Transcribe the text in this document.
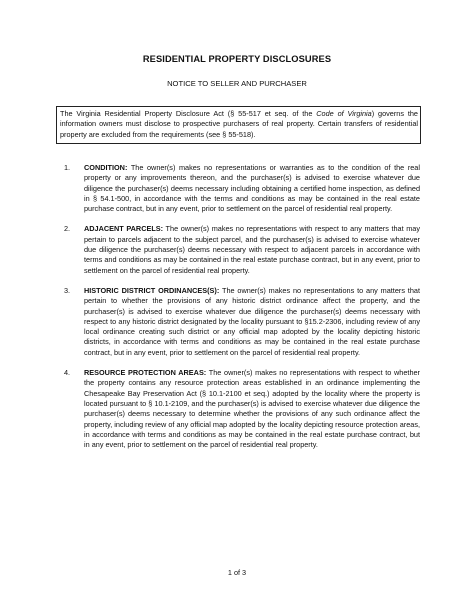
RESIDENTIAL PROPERTY DISCLOSURES
NOTICE TO SELLER AND PURCHASER

The Virginia Residential Property Disclosure Act (§ 55-517 et seq. of the Code of Virginia) governs the information owners must disclose to prospective purchasers of real property. Certain transfers of residential property are excluded from the requirements (see § 55-518).

1.	CONDITION: The owner(s) makes no representations or warranties as to the condition of the real property or any improvements thereon, and the purchaser(s) is advised to exercise whatever due diligence the purchaser(s) deems necessary including obtaining a certified home inspection, as defined in § 54.1-500, in accordance with the terms and conditions as may be contained in the real estate purchase contract, but in any event, prior to settlement on the parcel of residential real property.
2.	ADJACENT PARCELS: The owner(s) makes no representations with respect to any matters that may pertain to parcels adjacent to the subject parcel, and the purchaser(s) is advised to exercise whatever due diligence the purchaser(s) deems necessary with respect to adjacent parcels in accordance with terms and conditions as may be contained in the real estate purchase contract, but in any event, prior to settlement on the parcel of residential real property.
3.	HISTORIC DISTRICT ORDINANCES(S): The owner(s) makes no representations to any matters that pertain to whether the provisions of any historic district ordinance affect the property, and the purchaser(s) is advised to exercise whatever due diligence the purchaser(s) deems necessary with respect to any historic district designated by the locality pursuant to §15.2-2306, including review of any local ordinance creating such district or any official map adopted by the locality depicting historic districts, in accordance with terms and conditions as may be contained in the real estate purchase contract, but in any event, prior to settlement on the parcel of residential real property.
4.	RESOURCE PROTECTION AREAS: The owner(s) makes no representations with respect to whether the property contains any resource protection areas established in an ordinance implementing the Chesapeake Bay Preservation Act (§ 10.1-2100 et seq.) adopted by the locality where the property is located pursuant to § 10.1-2109, and the purchaser(s) is advised to exercise whatever due diligence the purchaser(s) deems necessary to determine whether the provisions of any such ordinance affect the property, including review of any official map adopted by the locality depicting resource protection areas, in accordance with terms and conditions as may be contained in the real estate purchase contract, but in any event, prior to settlement on the parcel of residential real property.
1 of 3
